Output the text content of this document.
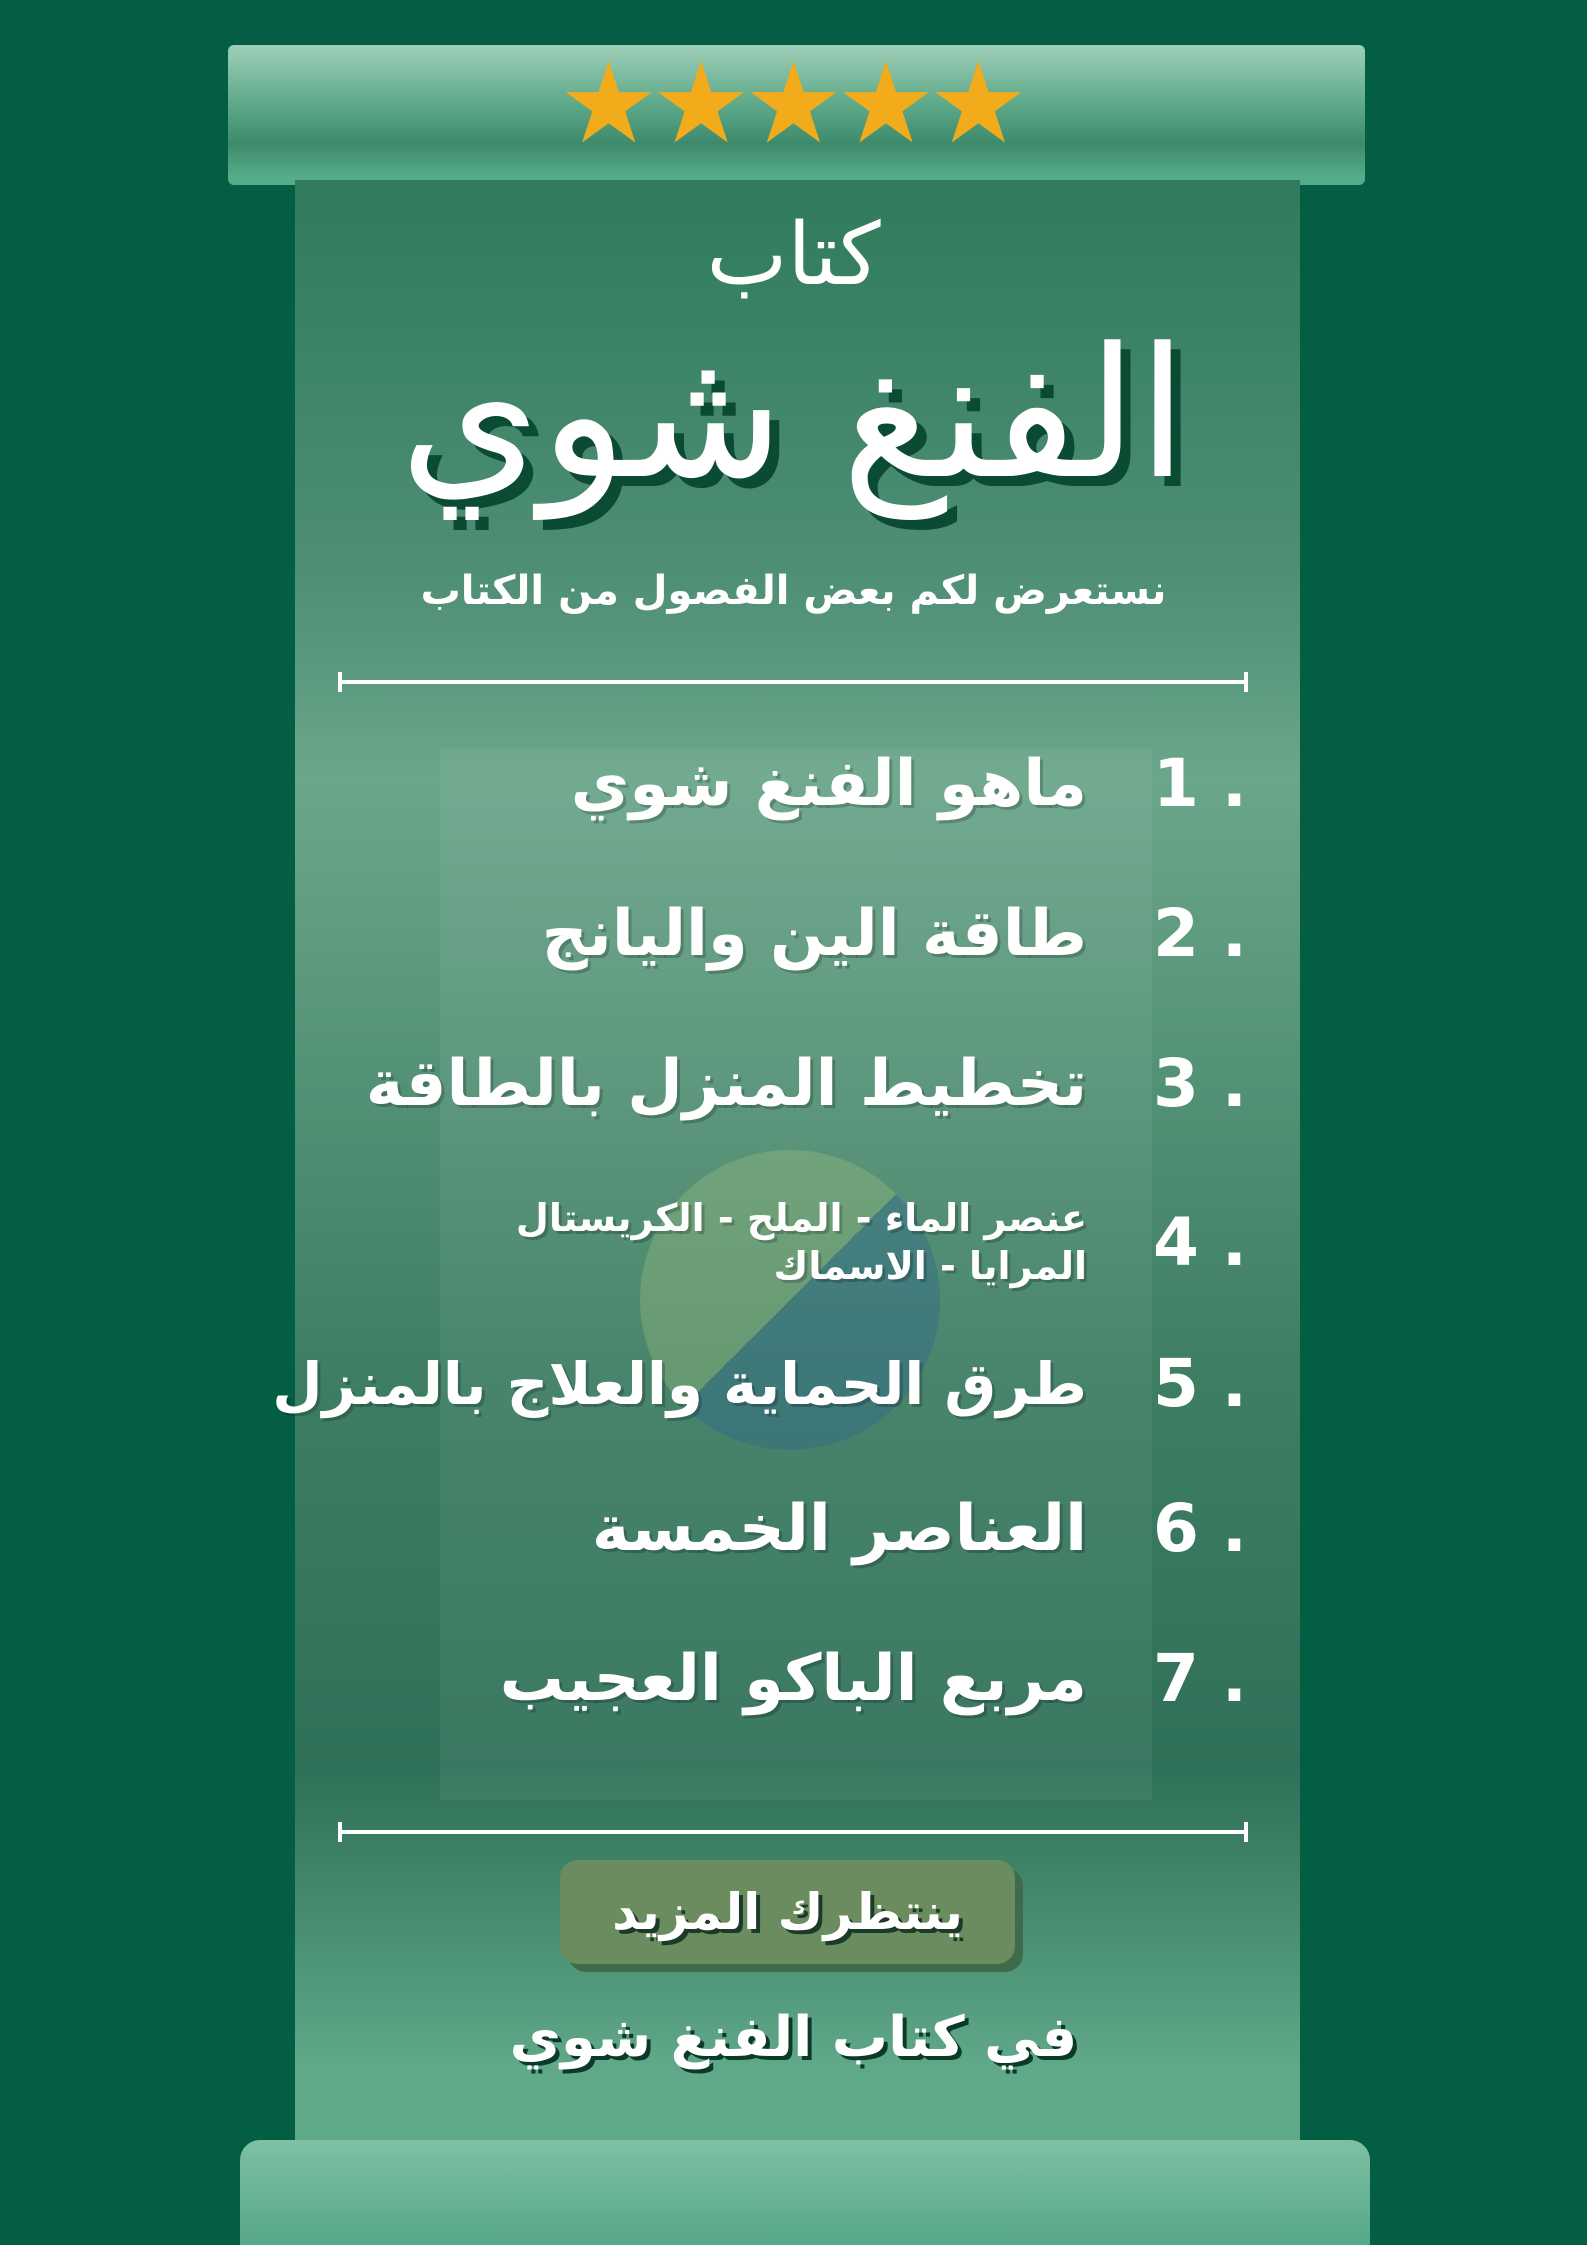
★★★★★
كتاب
الفنغ شوي
نستعرض لكم بعض الفصول من الكتاب
1 .
ماهو الفنغ شوي
2 .
طاقة الين واليانج
3 .
تخطيط المنزل بالطاقة
4 .
عنصر الماء - الملح - الكريستال
المرايا - الاسماك
5 .
طرق الحماية والعلاج بالمنزل
6 .
العناصر الخمسة
7 .
مربع الباكو العجيب
ينتظرك المزيد
في كتاب الفنغ شوي
